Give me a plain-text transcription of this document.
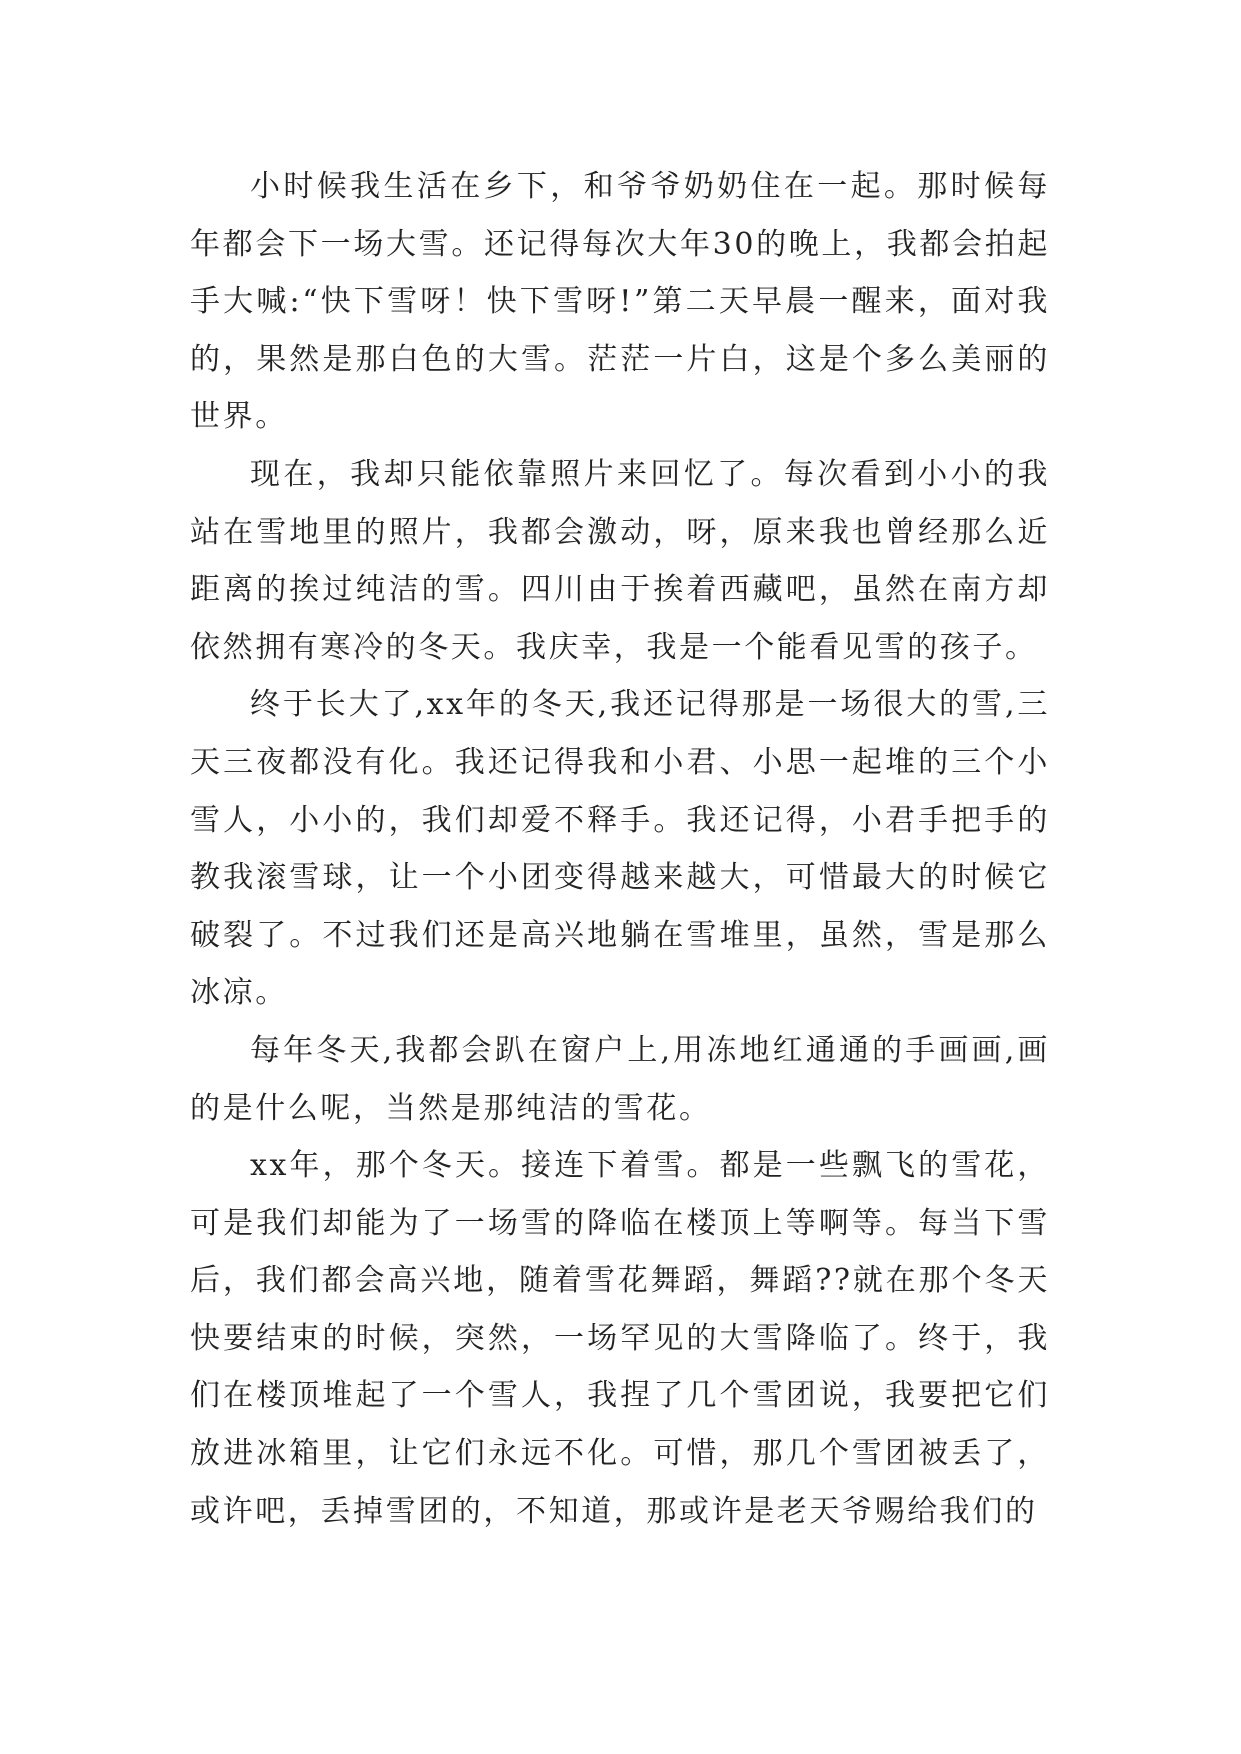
小时候我生活在乡下，和爷爷奶奶住在一起。那时候每年都会下一场大雪。还记得每次大年30的晚上，我都会拍起手大喊:“快下雪呀！快下雪呀!”第二天早晨一醒来，面对我的，果然是那白色的大雪。茫茫一片白，这是个多么美丽的世界。

现在，我却只能依靠照片来回忆了。每次看到小小的我站在雪地里的照片，我都会激动，呀，原来我也曾经那么近距离的挨过纯洁的雪。四川由于挨着西藏吧，虽然在南方却依然拥有寒冷的冬天。我庆幸，我是一个能看见雪的孩子。

终于长大了,xx年的冬天,我还记得那是一场很大的雪,三天三夜都没有化。我还记得我和小君、小思一起堆的三个小雪人，小小的，我们却爱不释手。我还记得，小君手把手的教我滚雪球，让一个小团变得越来越大，可惜最大的时候它破裂了。不过我们还是高兴地躺在雪堆里，虽然，雪是那么冰凉。

每年冬天,我都会趴在窗户上,用冻地红通通的手画画,画的是什么呢，当然是那纯洁的雪花。

xx年，那个冬天。接连下着雪。都是一些飘飞的雪花，可是我们却能为了一场雪的降临在楼顶上等啊等。每当下雪后，我们都会高兴地，随着雪花舞蹈，舞蹈??就在那个冬天快要结束的时候，突然，一场罕见的大雪降临了。终于，我们在楼顶堆起了一个雪人，我捏了几个雪团说，我要把它们放进冰箱里，让它们永远不化。可惜，那几个雪团被丢了，或许吧，丢掉雪团的，不知道，那或许是老天爷赐给我们的
